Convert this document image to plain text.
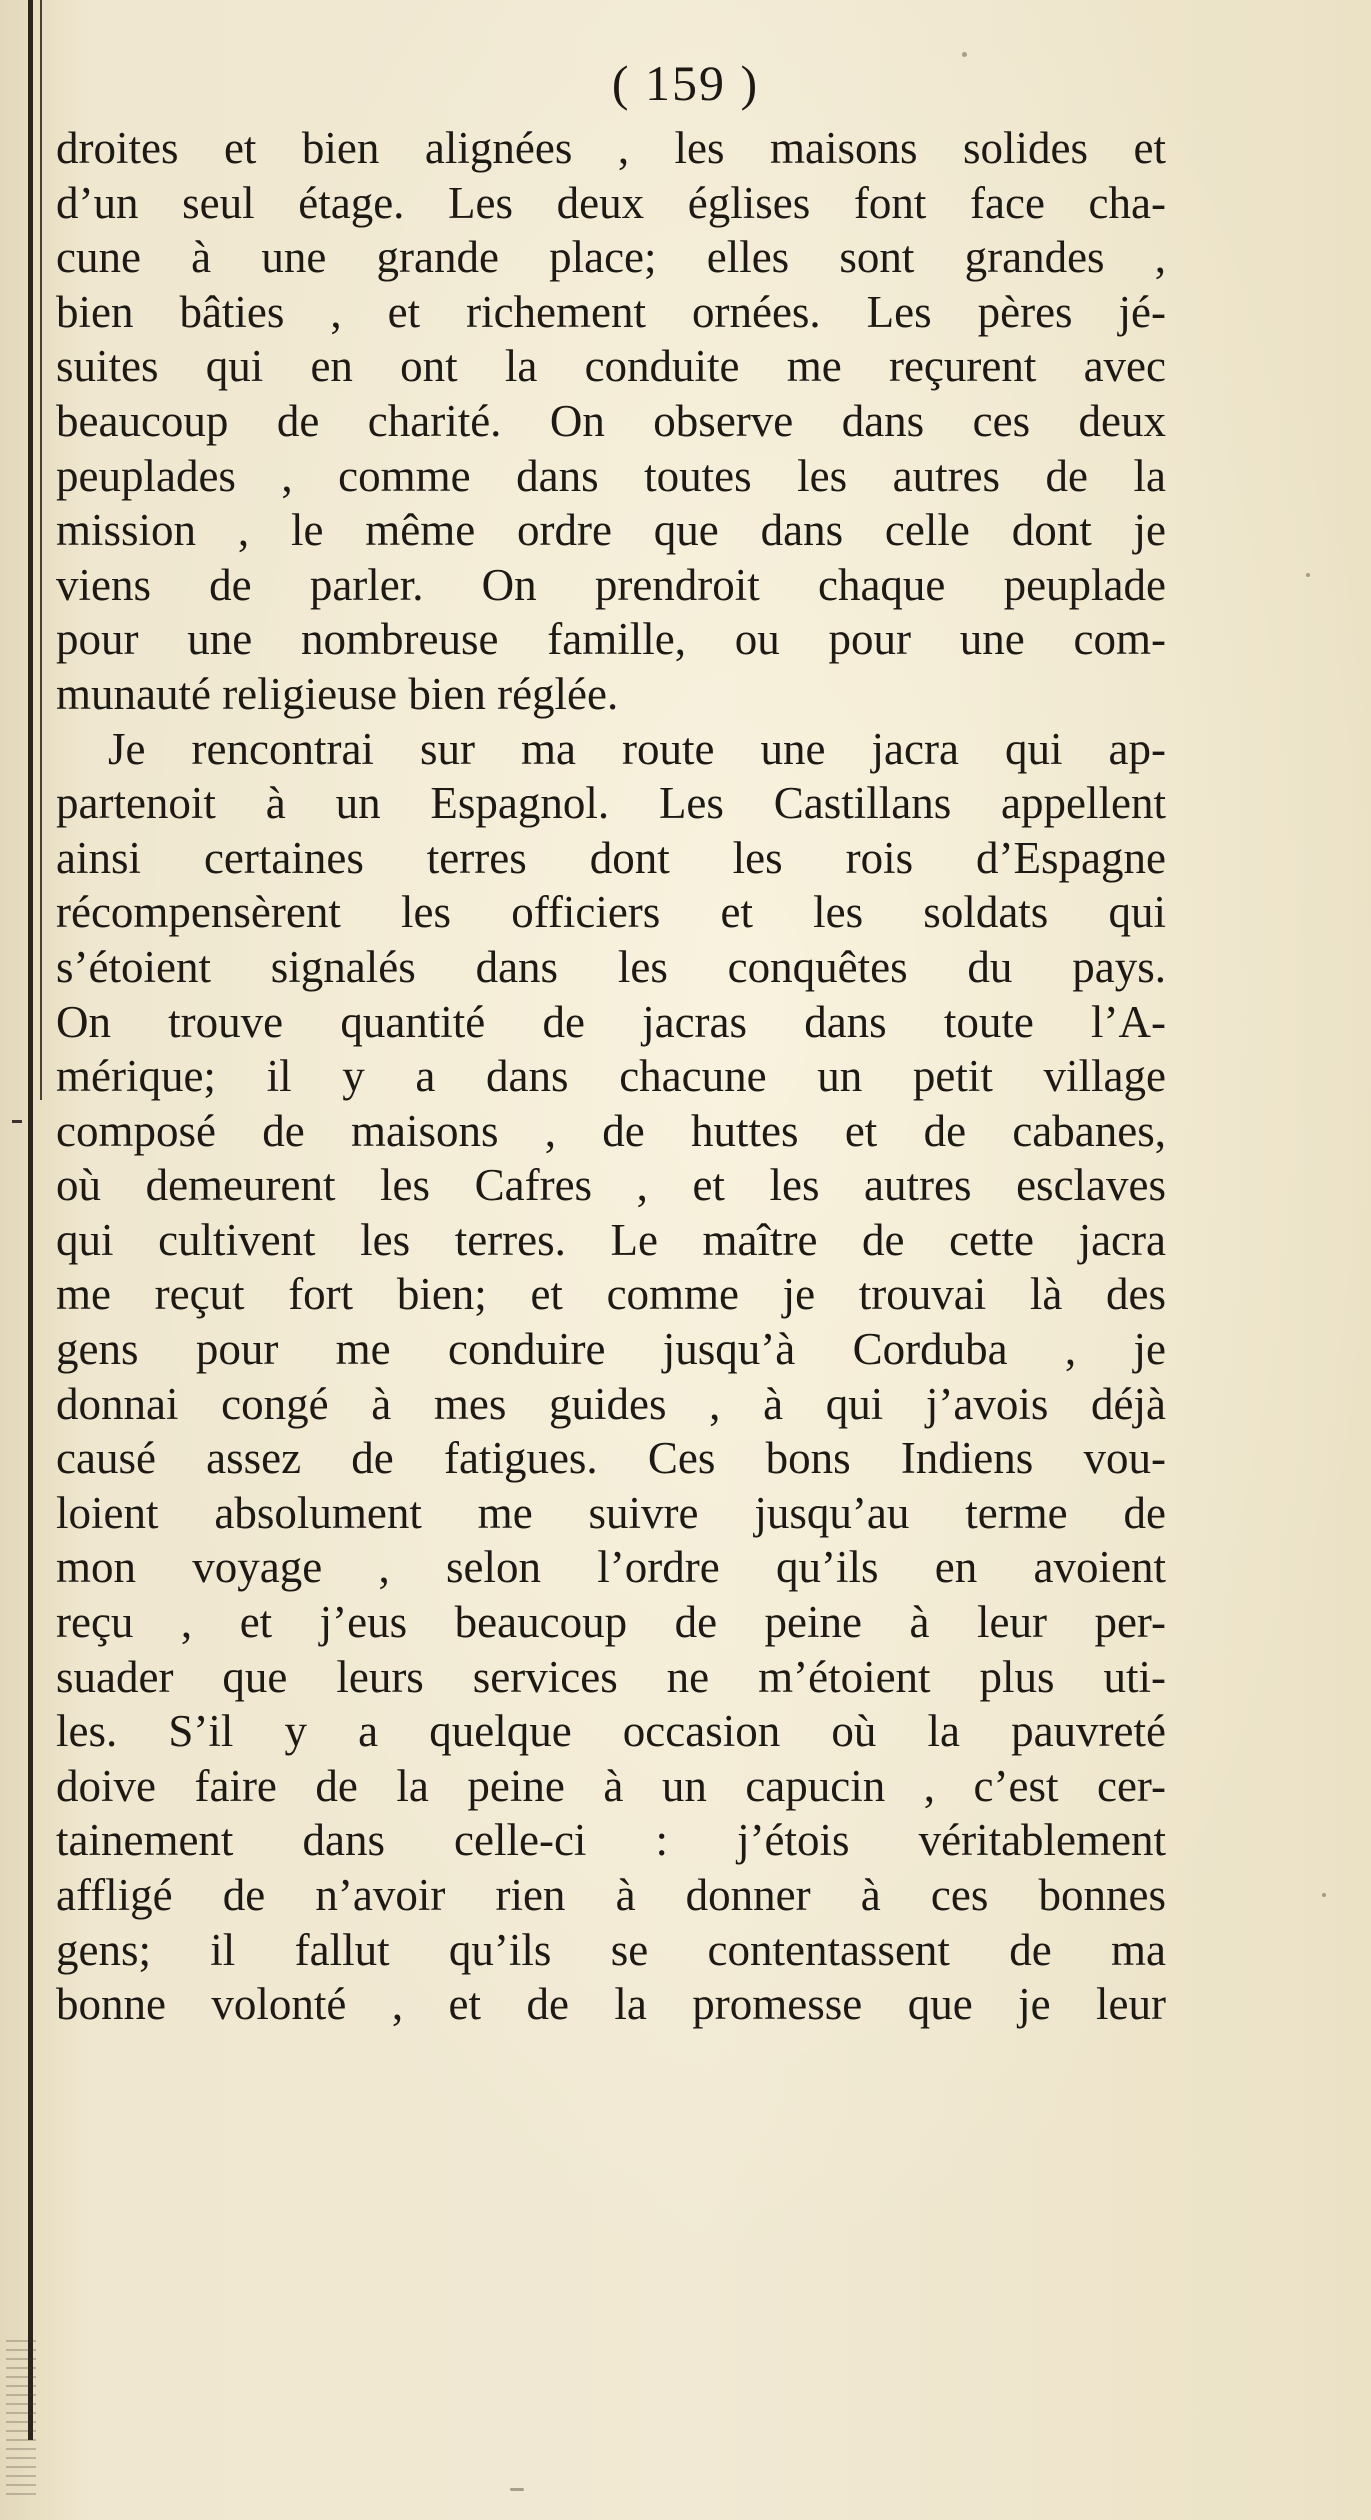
( 159 )
droites et bien alignées , les maisons solides et
d’un seul étage. Les deux églises font face cha-
cune à une grande place; elles sont grandes ,
bien bâties , et richement ornées. Les pères jé-
suites qui en ont la conduite me reçurent avec
beaucoup de charité. On observe dans ces deux
peuplades , comme dans toutes les autres de la
mission , le même ordre que dans celle dont je
viens de parler. On prendroit chaque peuplade
pour une nombreuse famille, ou pour une com-
munauté religieuse bien réglée.
Je rencontrai sur ma route une jacra qui ap-
partenoit à un Espagnol. Les Castillans appellent
ainsi certaines terres dont les rois d’Espagne
récompensèrent les officiers et les soldats qui
s’étoient signalés dans les conquêtes du pays.
On trouve quantité de jacras dans toute l’A-
mérique; il y a dans chacune un petit village
composé de maisons , de huttes et de cabanes,
où demeurent les Cafres , et les autres esclaves
qui cultivent les terres. Le maître de cette jacra
me reçut fort bien; et comme je trouvai là des
gens pour me conduire jusqu’à Corduba , je
donnai congé à mes guides , à qui j’avois déjà
causé assez de fatigues. Ces bons Indiens vou-
loient absolument me suivre jusqu’au terme de
mon voyage , selon l’ordre qu’ils en avoient
reçu , et j’eus beaucoup de peine à leur per-
suader que leurs services ne m’étoient plus uti-
les. S’il y a quelque occasion où la pauvreté
doive faire de la peine à un capucin , c’est cer-
tainement dans celle-ci : j’étois véritablement
affligé de n’avoir rien à donner à ces bonnes
gens; il fallut qu’ils se contentassent de ma
bonne volonté , et de la promesse que je leur
